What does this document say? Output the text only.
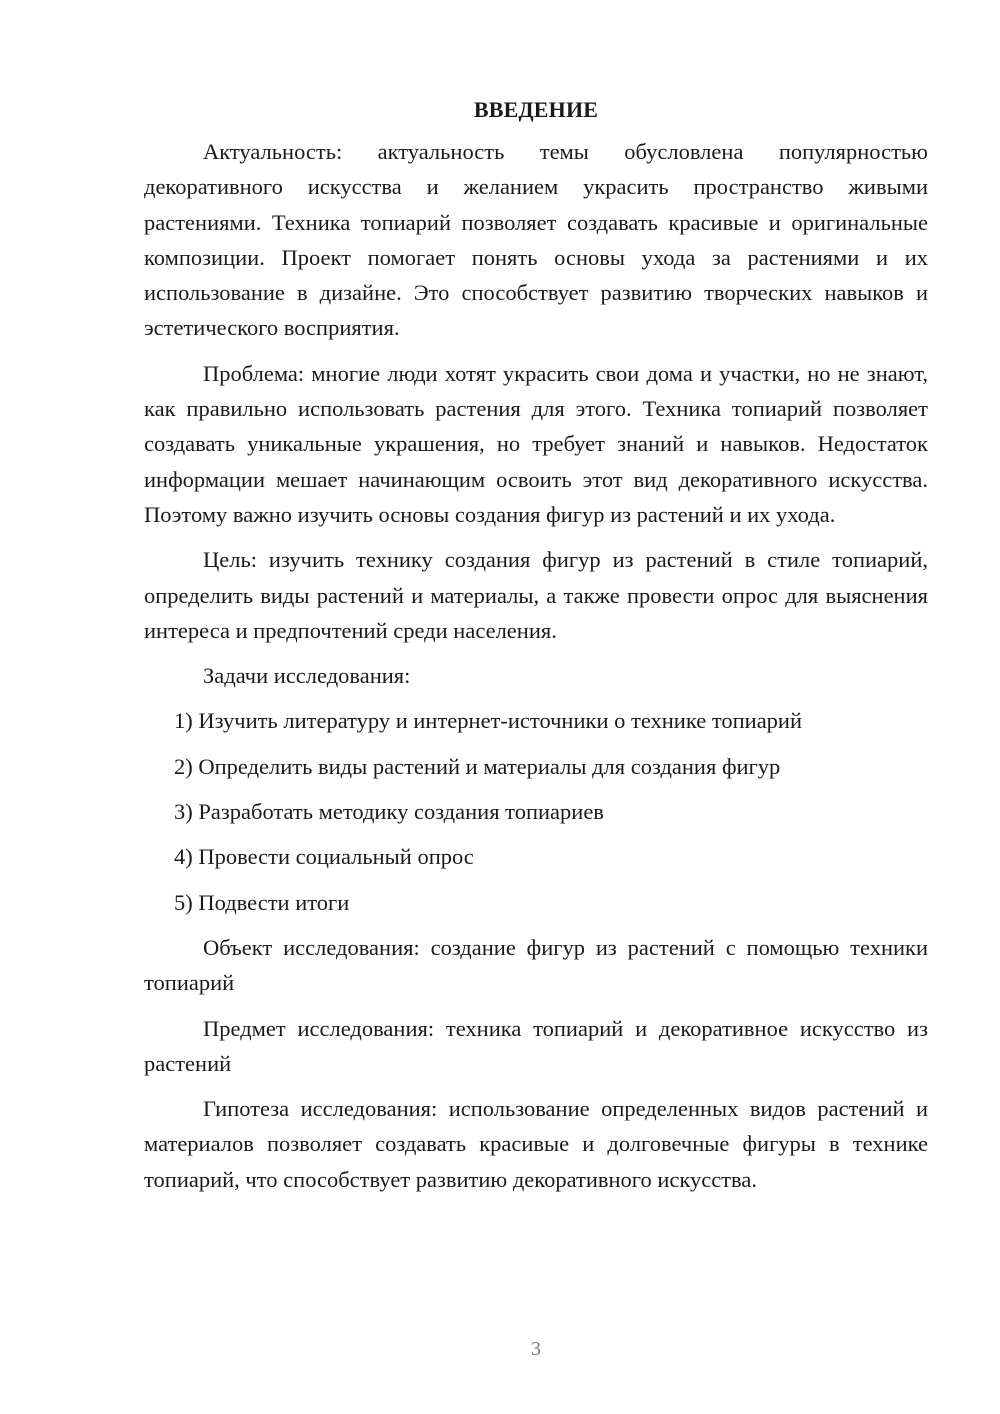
ВВЕДЕНИЕ

Актуальность: актуальность темы обусловлена популярностью декоративного искусства и желанием украсить пространство живыми растениями. Техника топиарий позволяет создавать красивые и оригинальные композиции. Проект помогает понять основы ухода за растениями и их использование в дизайне. Это способствует развитию творческих навыков и эстетического восприятия.

Проблема: многие люди хотят украсить свои дома и участки, но не знают, как правильно использовать растения для этого. Техника топиарий позволяет создавать уникальные украшения, но требует знаний и навыков. Недостаток информации мешает начинающим освоить этот вид декоративного искусства. Поэтому важно изучить основы создания фигур из растений и их ухода.

Цель: изучить технику создания фигур из растений в стиле топиарий, определить виды растений и материалы, а также провести опрос для выяснения интереса и предпочтений среди населения.

Задачи исследования:

1) Изучить литературу и интернет-источники о технике топиарий

2) Определить виды растений и материалы для создания фигур

3) Разработать методику создания топиариев

4) Провести социальный опрос

5) Подвести итоги

Объект исследования: создание фигур из растений с помощью техники топиарий

Предмет исследования: техника топиарий и декоративное искусство из растений

Гипотеза исследования: использование определенных видов растений и материалов позволяет создавать красивые и долговечные фигуры в технике топиарий, что способствует развитию декоративного искусства.

3
